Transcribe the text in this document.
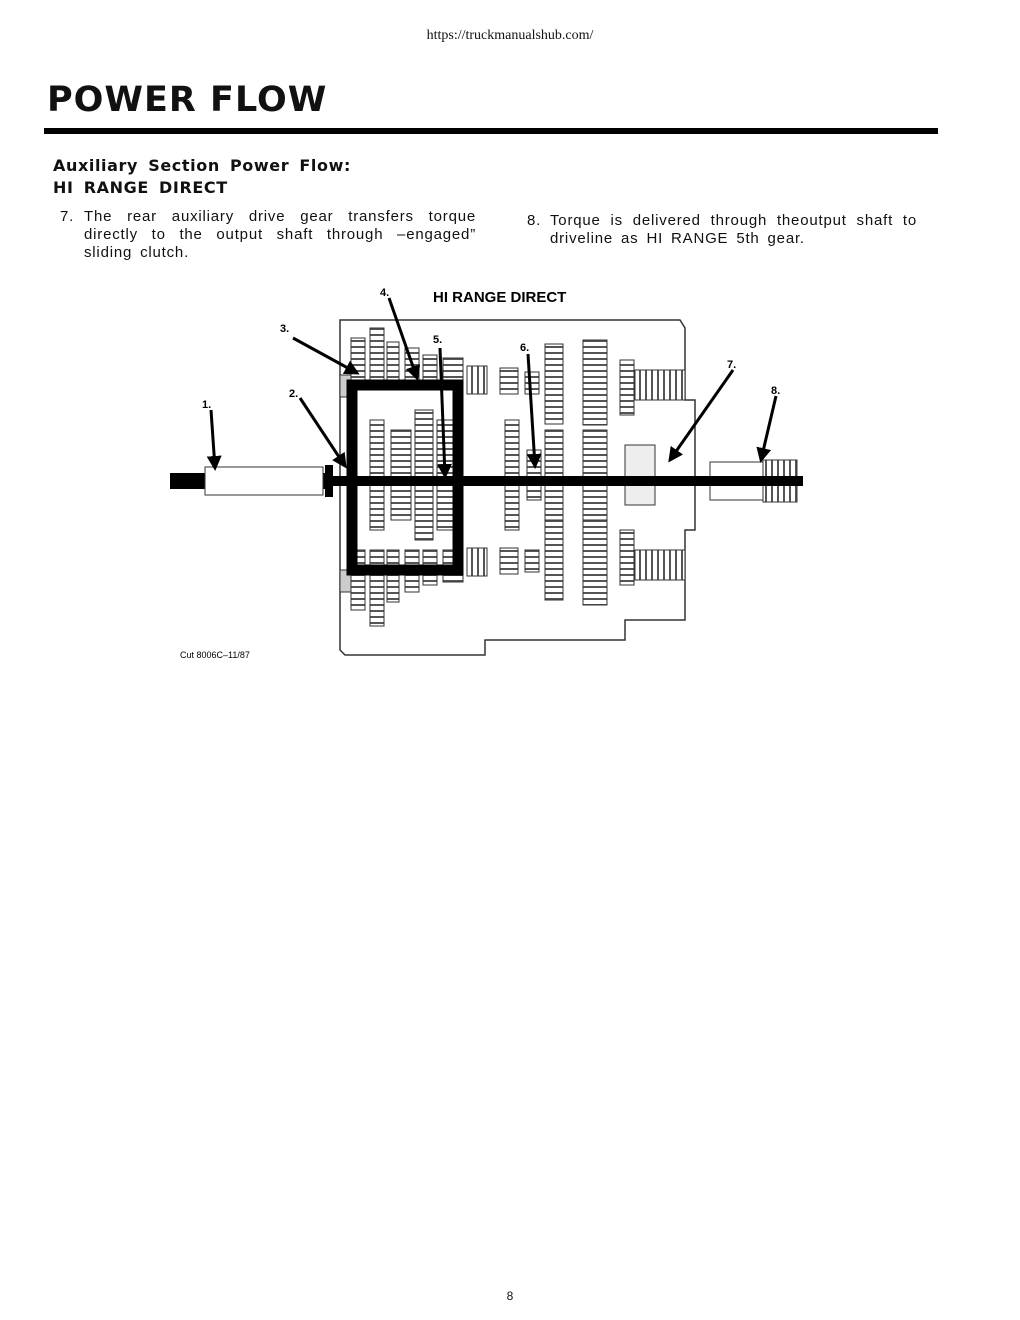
https://truckmanualshub.com/
POWER FLOW
Auxiliary Section Power Flow:
HI RANGE DIRECT
7. The rear auxiliary drive gear transfers torque directly to the output shaft through –engaged” sliding clutch.
8. Torque is delivered through theoutput shaft to driveline as HI RANGE 5th gear.
HI RANGE DIRECT
1.
2.
3.
4.
5.
6.
7.
8.
Cut 8006C–11/87
8
